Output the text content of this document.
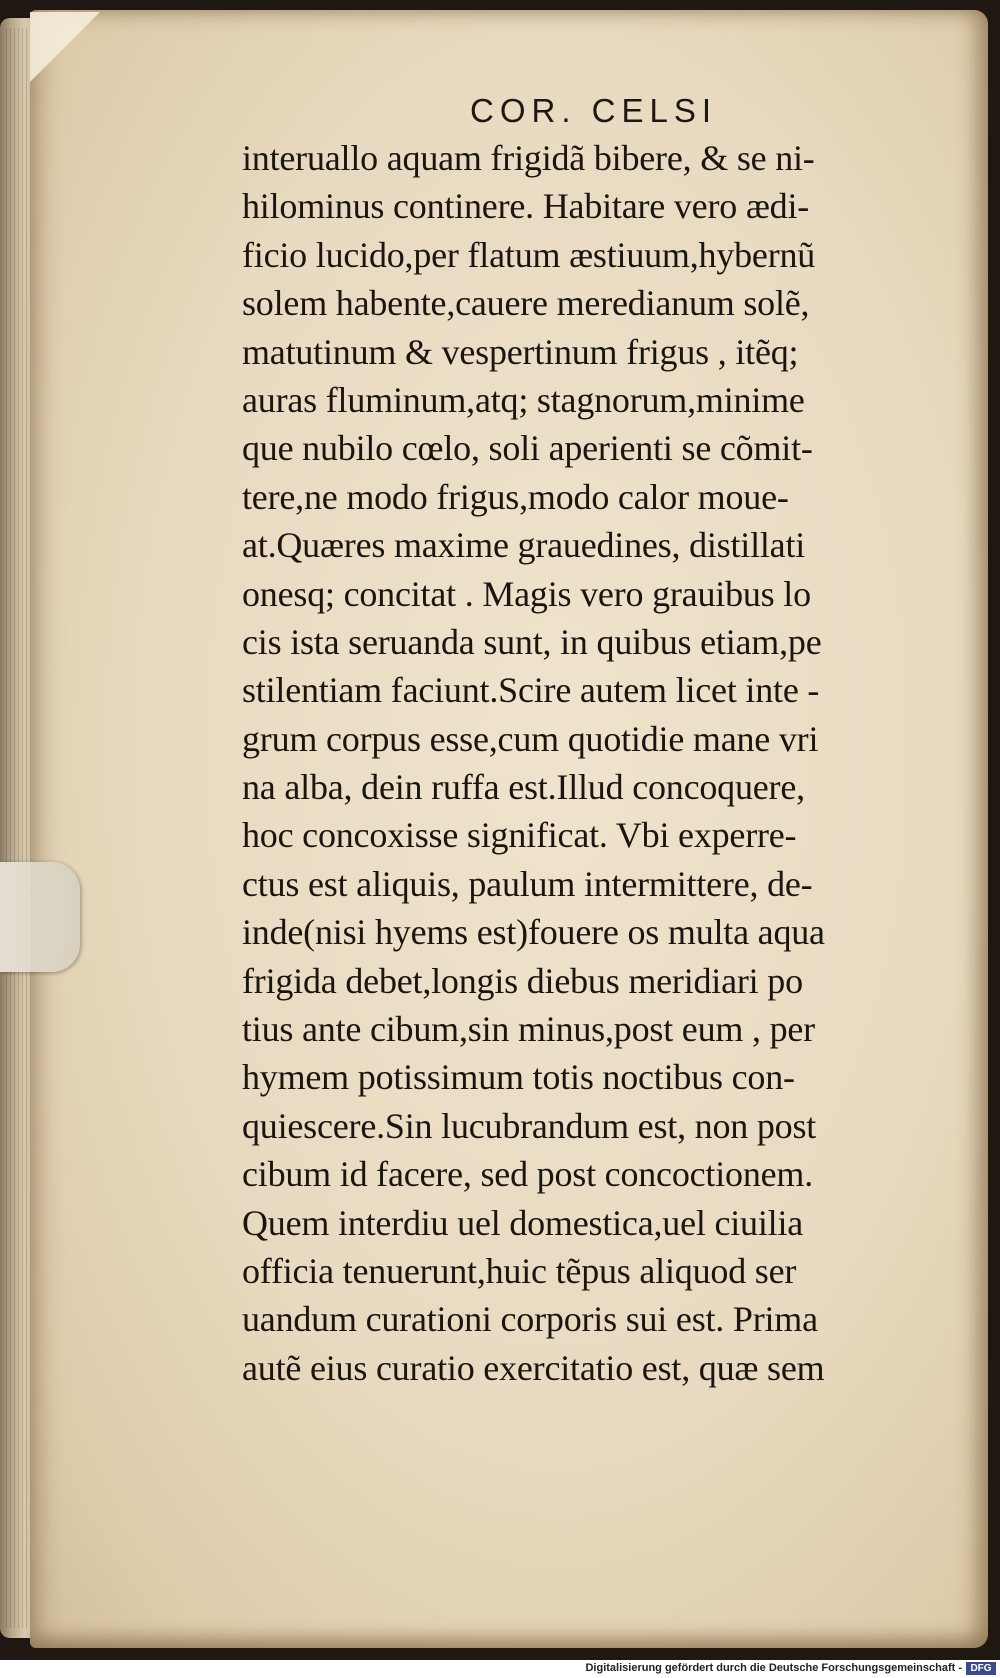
COR. CELSI
interuallo aquam frigidã bibere, & se ni-
hilominus continere. Habitare vero ædi-
ficio lucido,per flatum æstiuum,hybernũ
solem habente,cauere meredianum solẽ,
matutinum & vespertinum frigus , itẽq;
auras fluminum,atq; stagnorum,minime
que nubilo cœlo, soli aperienti se cõmit-
tere,ne modo frigus,modo calor moue-
at.Quæres maxime grauedines, distillati
onesq; concitat . Magis vero grauibus lo
cis ista seruanda sunt, in quibus etiam,pe
stilentiam faciunt.Scire autem licet inte -
grum corpus esse,cum quotidie mane vri
na alba, dein ruffa est.Illud concoquere,
hoc concoxisse significat. Vbi experre-
ctus est aliquis, paulum intermittere, de-
inde(nisi hyems est)fouere os multa aqua
frigida debet,longis diebus meridiari po
tius ante cibum,sin minus,post eum , per
hymem potissimum totis noctibus con-
quiescere.Sin lucubrandum est, non post
cibum id facere, sed post concoctionem.
Quem interdiu uel domestica,uel ciuilia
officia tenuerunt,huic tẽpus aliquod ser
uandum curationi corporis sui est. Prima
autẽ eius curatio exercitatio est, quæ sem
Digitalisierung gefördert durch die Deutsche Forschungsgemeinschaft - DFG
